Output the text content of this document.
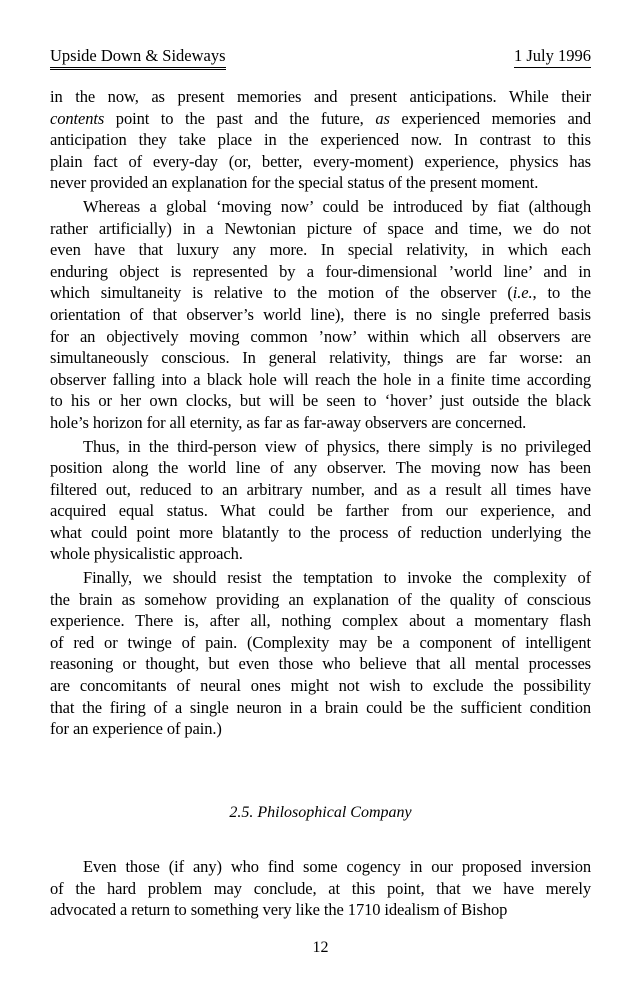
Upside Down & Sideways	1 July 1996
in the now, as present memories and present anticipations. While their
contents point to the past and the future, as experienced memories and
anticipation they take place in the experienced now. In contrast to this
plain fact of every-day (or, better, every-moment) experience, physics has
never provided an explanation for the special status of the present moment.
Whereas a global ‘moving now’ could be introduced by fiat (although
rather artificially) in a Newtonian picture of space and time, we do not
even have that luxury any more. In special relativity, in which each
enduring object is represented by a four-dimensional ’world line’ and in
which simultaneity is relative to the motion of the observer (i.e., to the
orientation of that observer’s world line), there is no single preferred basis
for an objectively moving common ’now’ within which all observers are
simultaneously conscious. In general relativity, things are far worse: an
observer falling into a black hole will reach the hole in a finite time according
to his or her own clocks, but will be seen to ‘hover’ just outside the black
hole’s horizon for all eternity, as far as far-away observers are concerned.
Thus, in the third-person view of physics, there simply is no privileged
position along the world line of any observer. The moving now has been
filtered out, reduced to an arbitrary number, and as a result all times have
acquired equal status. What could be farther from our experience, and
what could point more blatantly to the process of reduction underlying the
whole physicalistic approach.
Finally, we should resist the temptation to invoke the complexity of
the brain as somehow providing an explanation of the quality of conscious
experience. There is, after all, nothing complex about a momentary flash
of red or twinge of pain. (Complexity may be a component of intelligent
reasoning or thought, but even those who believe that all mental processes
are concomitants of neural ones might not wish to exclude the possibility
that the firing of a single neuron in a brain could be the sufficient condition
for an experience of pain.)
2.5. Philosophical Company
Even those (if any) who find some cogency in our proposed inversion
of the hard problem may conclude, at this point, that we have merely
advocated a return to something very like the 1710 idealism of Bishop
12
